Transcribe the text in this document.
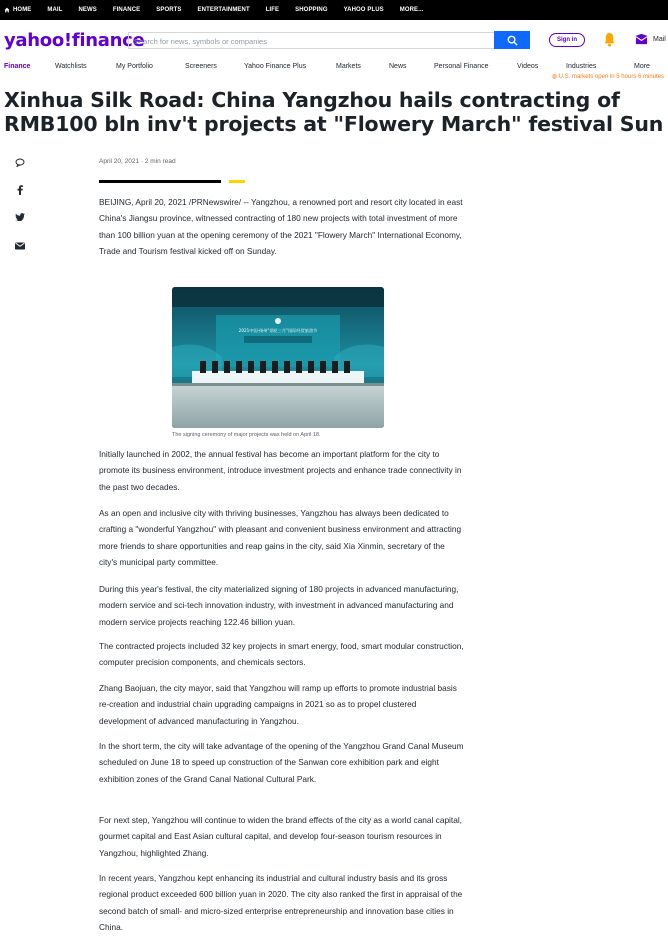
HOME	MAIL	NEWS	FINANCE	SPORTS	ENTERTAINMENT	LIFE	SHOPPING	YAHOO PLUS	MORE...
yahoo!finance
Search for news, symbols or companies	Sign in	Mail
Finance	Watchlists	My Portfolio	Screeners	Yahoo Finance Plus	Markets	News	Personal Finance	Videos	Industries	More
◍ U.S. markets open in 5 hours 6 minutes
Xinhua Silk Road: China Yangzhou hails contracting of RMB100 bln inv't projects at "Flowery March" festival Sun
April 20, 2021 · 2 min read

BEIJING, April 20, 2021 /PRNewswire/ -- Yangzhou, a renowned port and resort city located in east China's Jiangsu province, witnessed contracting of 180 new projects with total investment of more than 100 billion yuan at the opening ceremony of the 2021 "Flowery March" International Economy, Trade and Tourism festival kicked off on Sunday.

2021中国·扬州"烟花三月"国际经贸旅游节
The signing ceremony of major projects was held on April 18.

Initially launched in 2002, the annual festival has become an important platform for the city to promote its business environment, introduce investment projects and enhance trade connectivity in the past two decades.

As an open and inclusive city with thriving businesses, Yangzhou has always been dedicated to crafting a "wonderful Yangzhou" with pleasant and convenient business environment and attracting more friends to share opportunities and reap gains in the city, said Xia Xinmin, secretary of the city's municipal party committee.

During this year's festival, the city materialized signing of 180 projects in advanced manufacturing, modern service and sci-tech innovation industry, with investment in advanced manufacturing and modern service projects reaching 122.46 billion yuan.

The contracted projects included 32 key projects in smart energy, food, smart modular construction, computer precision components, and chemicals sectors.

Zhang Baojuan, the city mayor, said that Yangzhou will ramp up efforts to promote industrial basis re-creation and industrial chain upgrading campaigns in 2021 so as to propel clustered development of advanced manufacturing in Yangzhou.

In the short term, the city will take advantage of the opening of the Yangzhou Grand Canal Museum scheduled on June 18 to speed up construction of the Sanwan core exhibition park and eight exhibition zones of the Grand Canal National Cultural Park.

For next step, Yangzhou will continue to widen the brand effects of the city as a world canal capital, gourmet capital and East Asian cultural capital, and develop four-season tourism resources in Yangzhou, highlighted Zhang.

In recent years, Yangzhou kept enhancing its industrial and cultural industry basis and its gross regional product exceeded 600 billion yuan in 2020. The city also ranked the first in appraisal of the second batch of small- and micro-sized enterprise entrepreneurship and innovation base cities in China.
